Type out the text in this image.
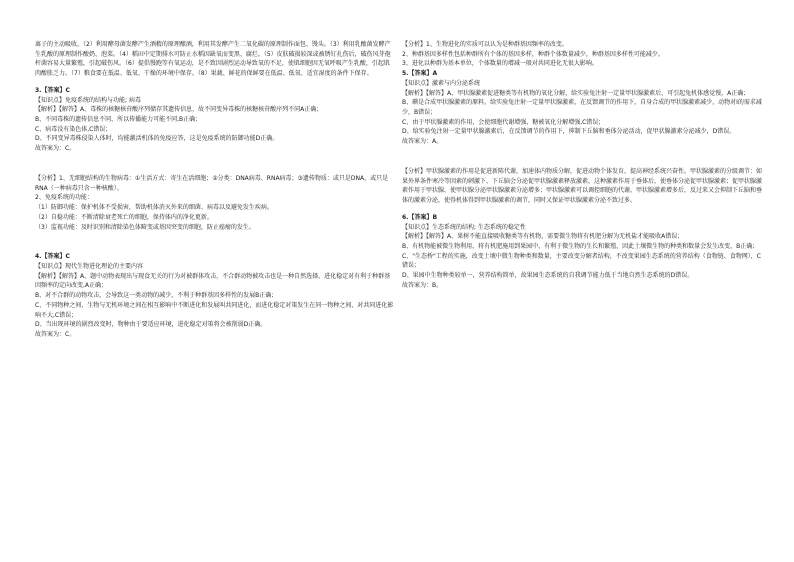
离子的主动吸收。（2）利用酵母菌发酵产生酒精的原理酿酒，利用其发酵产生二氧化碳的原理制作面包、馒头。（3）利用乳酸菌发酵产生乳酸的原理制作酸奶、泡菜。（4）稻田中定期排水可防止水稻因缺氧而变黑、腐烂。（5）皮肤破损较深或被锈钉扎伤后，破伤风芽孢杆菌容易大量繁殖，引起破伤风。（6）提倡慢跑等有氧运动，是不致因剧烈运动导致氧的不足，使肌细胞因无氧呼吸产生乳酸，引起肌肉酸胀乏力。（7）粮食要在低温、低氧、干燥的环境中保存。（8）果蔬、鲜花的保鲜要在低温、低氧、适宜湿度的条件下保存。

3.【答案】C

【知识点】免疫系统的结构与功能; 病毒

【解析】【解答】A、毒株的核糖核苷酸序列储存其遗传信息，故不同变异毒株的核糖核苷酸序列不同A正确；

B、不同毒株的遗传信息不同，所以传播能力可能不同,B正确；

C、病毒没有染色体,C错误；

D、不同变异毒株侵染人体时，均能激活机体的免疫应答，这是免疫系统的防御功能D正确。

故答案为：C。

【分析】1、无细胞结构的生物病毒：①生活方式：寄生在活细胞；②分类：DNA病毒、RNA病毒；③遗传物质：或只是DNA，或只是RNA（一种病毒只含一种核酸）。

2、免疫系统的功能：

（1）防御功能：保护机体不受损害，帮助机体消灭外来的细菌、病毒以及避免发生疾病。

（2）自稳功能：不断清除衰老死亡的细胞，保持体内的净化更新。

（3）监视功能：及时识别和清除染色体畸变或基因突变的细胞，防止癌瘤的发生。

4.【答案】C

【知识点】现代生物进化理论的主要内容

【解析】【解答】A、题中动物表现出与现食无关的行为对被群体攻击，不合群动物被攻击也是一种自然选择，进化稳定对有利于种群基因频率的定向改变,A正确；

B、对不合群的动物攻击，会导致这一类动物的减少，不利于种群基因多样性的发展B正确；

C、不同物种之间，生物与无机环境之间在相互影响中不断进化和发展叫共同进化，而进化稳定对策发生在同一物种之间，对共同进化影响不大,C错误；

D、当出现环境的剧烈改变时，物种由于要适应环境，进化稳定对策将会被削弱D正确。

故答案为：C。

【分析】1、生物进化的实质可以认为是种群基因频率的改变。

2、种群基因多样性包括种群所有个体的基因多样，种群个体数量减少，种群基因多样性可能减少。

3、进化以种群为基本单位，个体数量的增减一般对共同进化无很大影响。

5.【答案】A

【知识点】激素与内分泌系统

【解析】【解答】A、甲状腺激素促进糖类等有机物的氧化分解，给实验兔注射一定量甲状腺激素后，可引起兔机体感觉慢，A正确；

B、碘是合成甲状腺激素的原料，给实验兔注射一定量甲状腺激素，在反馈调节的作用下，自身合成的甲状腺激素减少，动物对I的需求减少，B错误；

C、由于甲状腺激素的作用，会使细胞代谢增强，糖被氧化分解增强,C错误；

D、给实验兔注射一定量甲状腺激素后，在反馈调节的作用下，抑制下丘脑和垂体分泌活动，促甲状腺激素分泌减少，D错误。

故答案为：A。

【分析】甲状腺激素的作用是促进新陈代谢，加速体内物质分解，促进动物个体发育，提高神经系统兴奋性。甲状腺激素的分级调节：如果外界条件寒冷等因素的刺激下，下丘脑会分泌促甲状腺激素释放激素，这种激素作用于垂体后，使垂体分泌促甲状腺激素；促甲状腺激素作用于甲状腺，使甲状腺分泌甲状腺激素分泌增多；甲状腺激素可以调控细胞的代谢。甲状腺激素增多后，反过来又会抑制下丘脑和垂体的激素分泌，使得机体得到甲状腺激素的调节，同时又保证甲状腺激素分泌不致过多。

6.【答案】B

【知识点】生态系统的结构; 生态系统的稳定性

【解析】【解答】A、果树不能直接吸收糖类等有机物，需要微生物将有机肥分解为无机盐才能吸收A错误；

B、有机物能被微生物利用，将有机肥施用到果园中，有利于微生物的生长和繁殖，因此土壤微生物的种类和数量会发生改变，B正确；

C、"生态桥"工程的实施，改变土壤中微生物种类和数量，主要改变分解者结构，不改变果园生态系统的营养结构（食物链、食物网），C错误；

D、果园中生物种类较单一，营养结构简单，故果园生态系统的自我调节能力低于当地自然生态系统的D错误。

故答案为：B。
